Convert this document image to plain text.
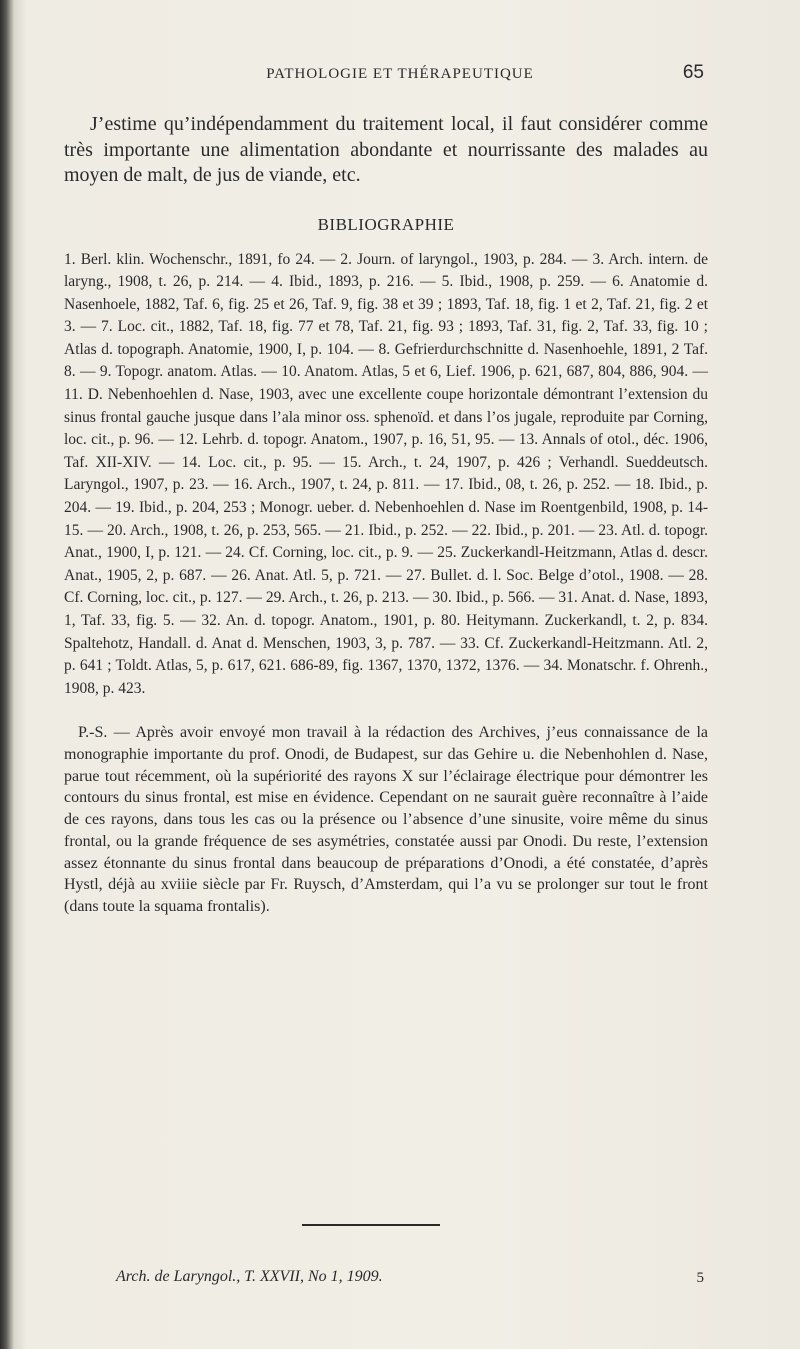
PATHOLOGIE ET THÉRAPEUTIQUE	65

J’estime qu’indépendamment du traitement local, il faut considérer comme très importante une alimentation abondante et nourrissante des malades au moyen de malt, de jus de viande, etc.

BIBLIOGRAPHIE

1. Berl. klin. Wochenschr., 1891, fo 24. — 2. Journ. of laryngol., 1903, p. 284. — 3. Arch. intern. de laryng., 1908, t. 26, p. 214. — 4. Ibid., 1893, p. 216. — 5. Ibid., 1908, p. 259. — 6. Anatomie d. Nasenhoele, 1882, Taf. 6, fig. 25 et 26, Taf. 9, fig. 38 et 39 ; 1893, Taf. 18, fig. 1 et 2, Taf. 21, fig. 2 et 3. — 7. Loc. cit., 1882, Taf. 18, fig. 77 et 78, Taf. 21, fig. 93 ; 1893, Taf. 31, fig. 2, Taf. 33, fig. 10 ; Atlas d. topograph. Anatomie, 1900, I, p. 104. — 8. Gefrierdurchschnitte d. Nasenhoehle, 1891, 2 Taf. 8. — 9. Topogr. anatom. Atlas. — 10. Anatom. Atlas, 5 et 6, Lief. 1906, p. 621, 687, 804, 886, 904. — 11. D. Nebenhoehlen d. Nase, 1903, avec une excellente coupe horizontale démontrant l’extension du sinus frontal gauche jusque dans l’ala minor oss. sphenoïd. et dans l’os jugale, reproduite par Corning, loc. cit., p. 96. — 12. Lehrb. d. topogr. Anatom., 1907, p. 16, 51, 95. — 13. Annals of otol., déc. 1906, Taf. XII-XIV. — 14. Loc. cit., p. 95. — 15. Arch., t. 24, 1907, p. 426 ; Verhandl. Sueddeutsch. Laryngol., 1907, p. 23. — 16. Arch., 1907, t. 24, p. 811. — 17. Ibid., 08, t. 26, p. 252. — 18. Ibid., p. 204. — 19. Ibid., p. 204, 253 ; Monogr. ueber. d. Nebenhoehlen d. Nase im Roentgenbild, 1908, p. 14-15. — 20. Arch., 1908, t. 26, p. 253, 565. — 21. Ibid., p. 252. — 22. Ibid., p. 201. — 23. Atl. d. topogr. Anat., 1900, I, p. 121. — 24. Cf. Corning, loc. cit., p. 9. — 25. Zuckerkandl-Heitzmann, Atlas d. descr. Anat., 1905, 2, p. 687. — 26. Anat. Atl. 5, p. 721. — 27. Bullet. d. l. Soc. Belge d’otol., 1908. — 28. Cf. Corning, loc. cit., p. 127. — 29. Arch., t. 26, p. 213. — 30. Ibid., p. 566. — 31. Anat. d. Nase, 1893, 1, Taf. 33, fig. 5. — 32. An. d. topogr. Anatom., 1901, p. 80. Heitymann. Zuckerkandl, t. 2, p. 834. Spaltehotz, Handall. d. Anat d. Menschen, 1903, 3, p. 787. — 33. Cf. Zuckerkandl-Heitzmann. Atl. 2, p. 641 ; Toldt. Atlas, 5, p. 617, 621. 686-89, fig. 1367, 1370, 1372, 1376. — 34. Monatschr. f. Ohrenh., 1908, p. 423.

P.-S. — Après avoir envoyé mon travail à la rédaction des Archives, j’eus connaissance de la monographie importante du prof. Onodi, de Budapest, sur das Gehire u. die Nebenhohlen d. Nase, parue tout récemment, où la supériorité des rayons X sur l’éclairage électrique pour démontrer les contours du sinus frontal, est mise en évidence. Cependant on ne saurait guère reconnaître à l’aide de ces rayons, dans tous les cas ou la présence ou l’absence d’une sinusite, voire même du sinus frontal, ou la grande fréquence de ses asymétries, constatée aussi par Onodi. Du reste, l’extension assez étonnante du sinus frontal dans beaucoup de préparations d’Onodi, a été constatée, d’après Hystl, déjà au xviiie siècle par Fr. Ruysch, d’Amsterdam, qui l’a vu se prolonger sur tout le front (dans toute la squama frontalis).

Arch. de Laryngol., T. XXVII, No 1, 1909.	5
